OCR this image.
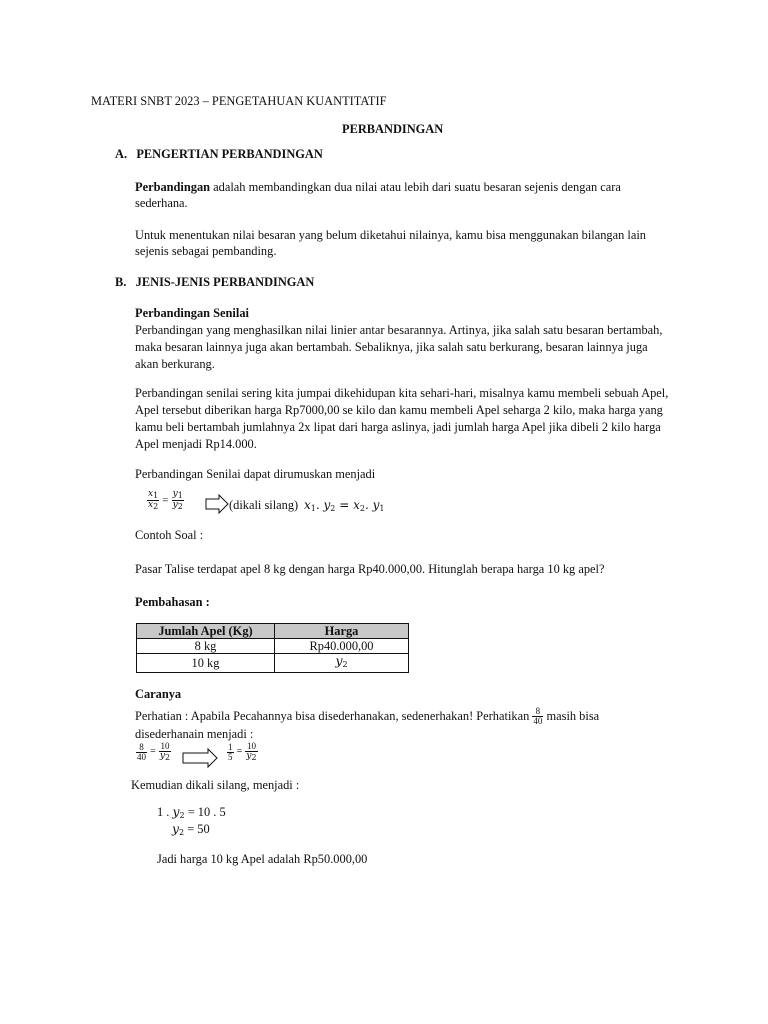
MATERI SNBT 2023 – PENGETAHUAN KUANTITATIF
PERBANDINGAN
A.   PENGERTIAN PERBANDINGAN
Perbandingan adalah membandingkan dua nilai atau lebih dari suatu besaran sejenis dengan cara
sederhana.
Untuk menentukan nilai besaran yang belum diketahui nilainya, kamu bisa menggunakan bilangan lain
sejenis sebagai pembanding.
B.   JENIS-JENIS PERBANDINGAN
Perbandingan Senilai
Perbandingan yang menghasilkan nilai linier antar besarannya. Artinya, jika salah satu besaran bertambah,
maka besaran lainnya juga akan bertambah. Sebaliknya, jika salah satu berkurang, besaran lainnya juga
akan berkurang.
Perbandingan senilai sering kita jumpai dikehidupan kita sehari-hari, misalnya kamu membeli sebuah Apel,
Apel tersebut diberikan harga Rp7000,00 se kilo dan kamu membeli Apel seharga 2 kilo, maka harga yang
kamu beli bertambah jumlahnya 2x lipat dari harga aslinya, jadi jumlah harga Apel jika dibeli 2 kilo harga
Apel menjadi Rp14.000.
Perbandingan Senilai dapat dirumuskan menjadi
$\frac{x1}{x2} = \frac{y1}{y2}$	(dikali silang) $x_1$. $y_2 = x_2$. $y_1$
Contoh Soal :
Pasar Talise terdapat apel 8 kg dengan harga Rp40.000,00. Hitunglah berapa harga 10 kg apel?
Pembahasan :
Jumlah Apel (Kg)	Harga
8 kg	Rp40.000,00
10 kg	$y_2$
Caranya
Perhatian : Apabila Pecahannya bisa disederhanakan, sedenerhakan! Perhatikan $\frac{8}{40}$ masih bisa
disederhanain menjadi :
$\frac{8}{40} = \frac{10}{y2}$	$\frac{1}{5} = \frac{10}{y2}$
Kemudian dikali silang, menjadi :
1 . $y_2 = 10$ . 5
$y_2 = 50$
Jadi harga 10 kg Apel adalah Rp50.000,00
